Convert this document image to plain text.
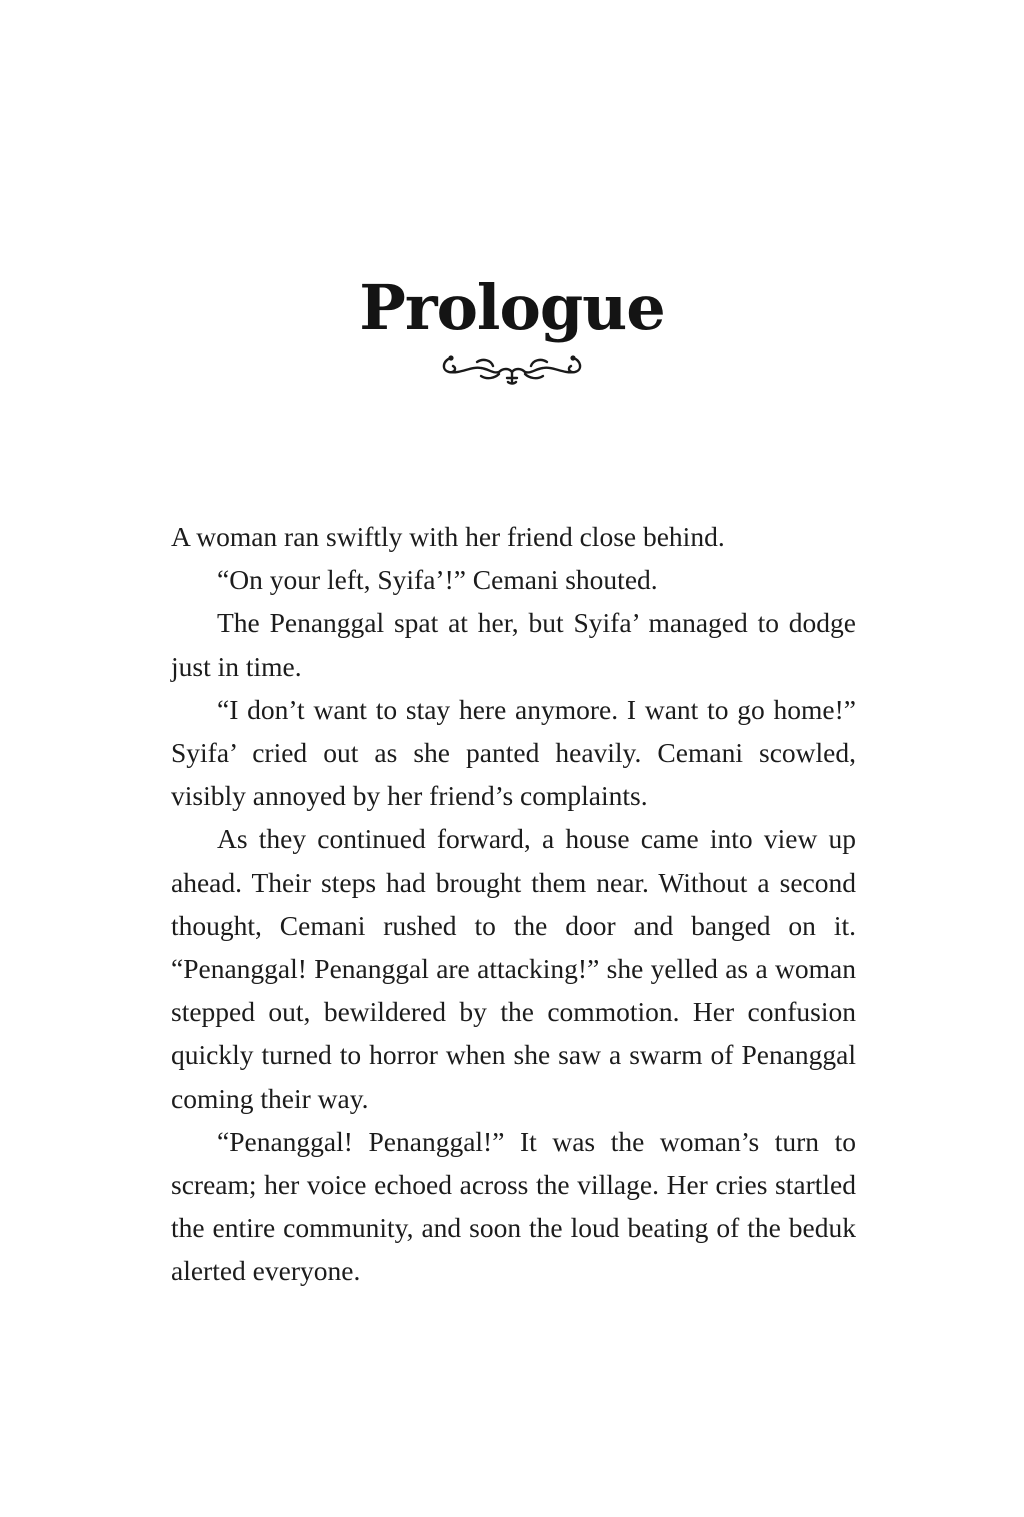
Prologue

A woman ran swiftly with her friend close behind.

“On your left, Syifa’!” Cemani shouted.

The Penanggal spat at her, but Syifa’ managed to dodge just in time.

“I don’t want to stay here anymore. I want to go home!” Syifa’ cried out as she panted heavily. Cemani scowled, visibly annoyed by her friend’s complaints.

As they continued forward, a house came into view up ahead. Their steps had brought them near. Without a second thought, Cemani rushed to the door and banged on it. “Penanggal! Penanggal are attacking!” she yelled as a woman stepped out, bewildered by the commotion. Her confusion quickly turned to horror when she saw a swarm of Penanggal coming their way.

“Penanggal! Penanggal!” It was the woman’s turn to scream; her voice echoed across the village. Her cries startled the entire community, and soon the loud beating of the beduk alerted everyone.
